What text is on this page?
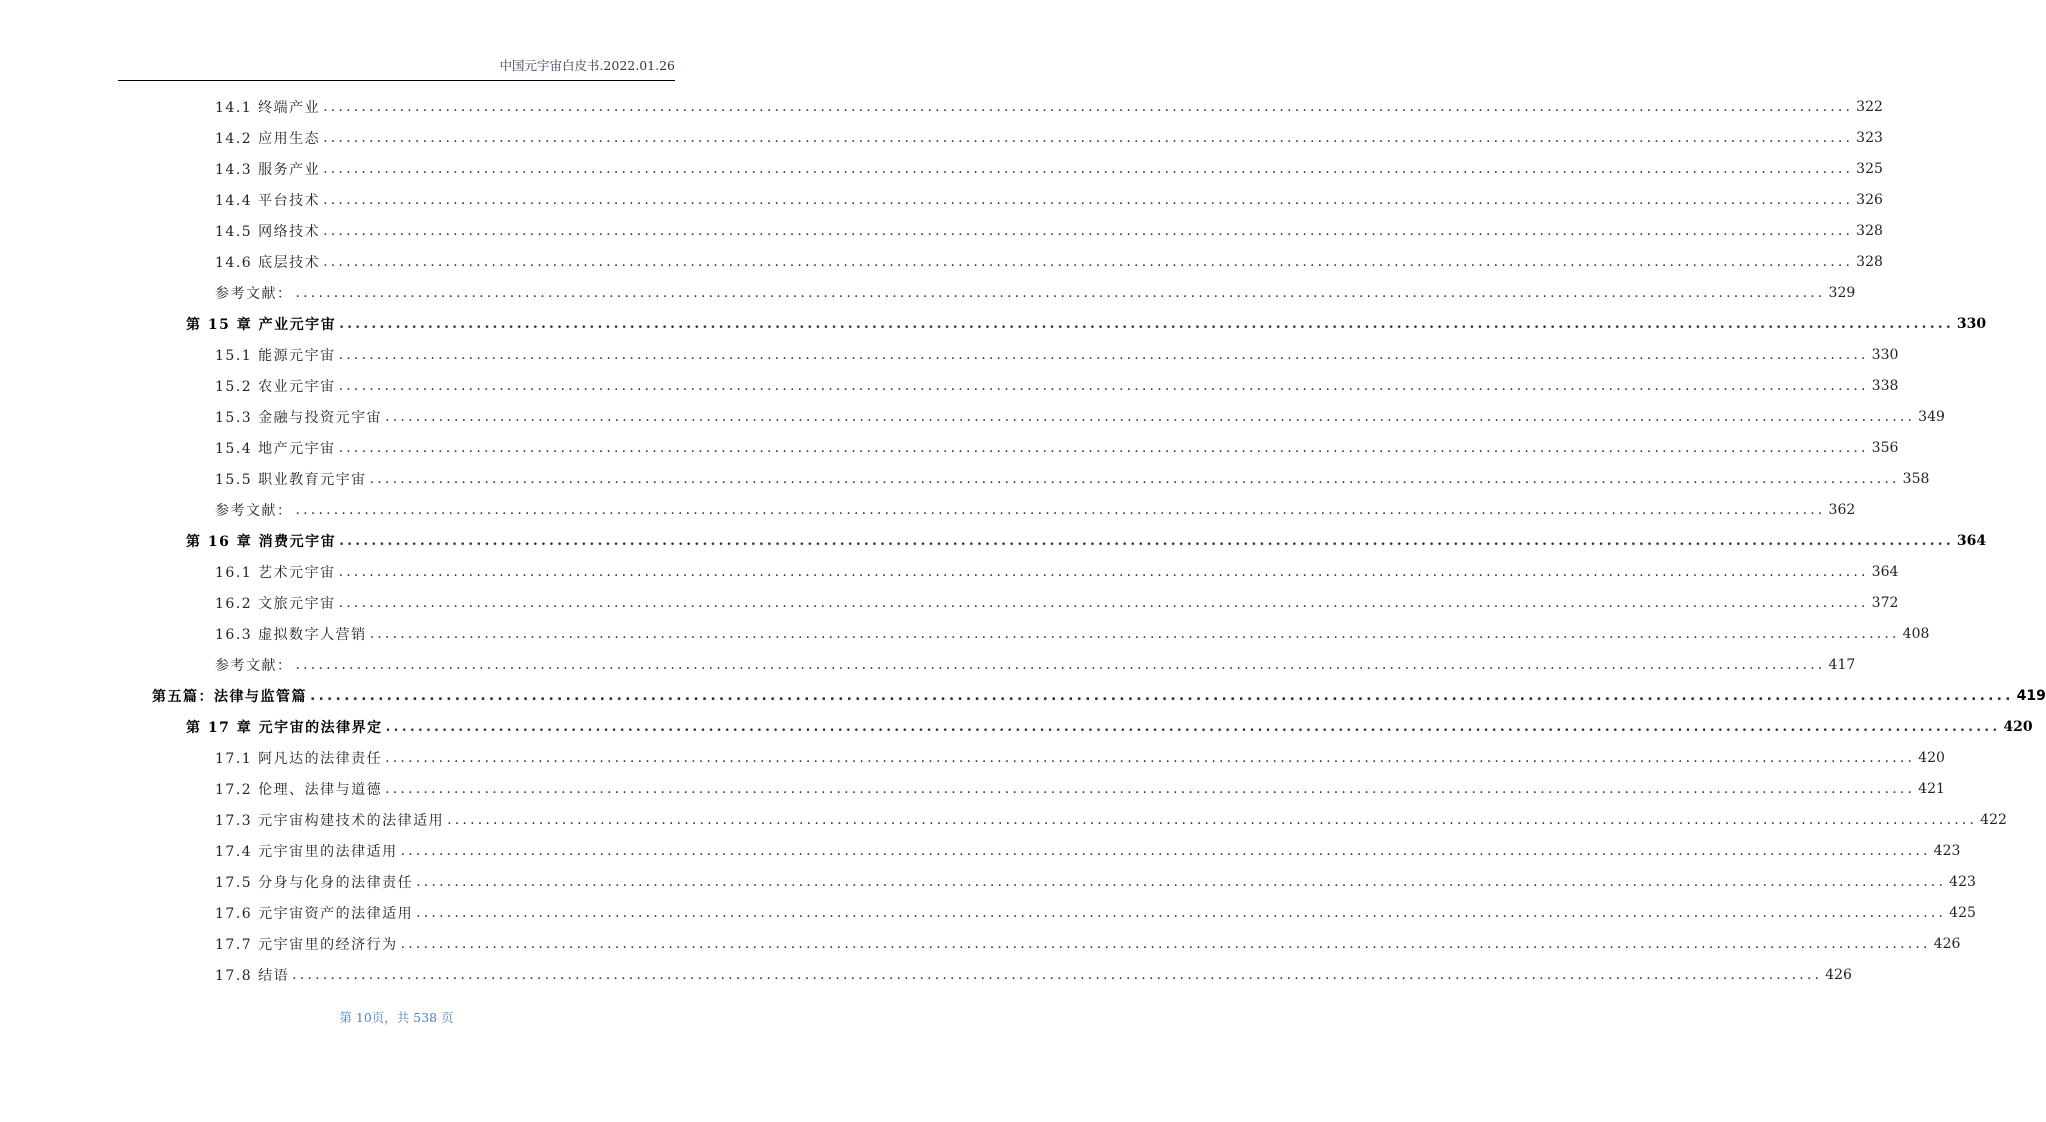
中国元宇宙白皮书.2022.01.26
14.1 终端产业 ........................................................................................................................................................................................................ 322
14.2 应用生态 ........................................................................................................................................................................................................ 323
14.3 服务产业 ........................................................................................................................................................................................................ 325
14.4 平台技术 ........................................................................................................................................................................................................ 326
14.5 网络技术 ........................................................................................................................................................................................................ 328
14.6 底层技术 ........................................................................................................................................................................................................ 328
参考文献： ........................................................................................................................................................................................................ 329
第 15 章 产业元宇宙 ........................................................................................................................................................................................................ 330
15.1 能源元宇宙 ........................................................................................................................................................................................................ 330
15.2 农业元宇宙 ........................................................................................................................................................................................................ 338
15.3 金融与投资元宇宙 ........................................................................................................................................................................................................ 349
15.4 地产元宇宙 ........................................................................................................................................................................................................ 356
15.5 职业教育元宇宙 ........................................................................................................................................................................................................ 358
参考文献： ........................................................................................................................................................................................................ 362
第 16 章 消费元宇宙 ........................................................................................................................................................................................................ 364
16.1 艺术元宇宙 ........................................................................................................................................................................................................ 364
16.2 文旅元宇宙 ........................................................................................................................................................................................................ 372
16.3 虚拟数字人营销 ........................................................................................................................................................................................................ 408
参考文献： ........................................................................................................................................................................................................ 417
第五篇：法律与监管篇 ........................................................................................................................................................................................................ 419
第 17 章 元宇宙的法律界定 ........................................................................................................................................................................................................ 420
17.1 阿凡达的法律责任 ........................................................................................................................................................................................................ 420
17.2 伦理、法律与道德 ........................................................................................................................................................................................................ 421
17.3 元宇宙构建技术的法律适用 ........................................................................................................................................................................................................ 422
17.4 元宇宙里的法律适用 ........................................................................................................................................................................................................ 423
17.5 分身与化身的法律责任 ........................................................................................................................................................................................................ 423
17.6 元宇宙资产的法律适用 ........................................................................................................................................................................................................ 425
17.7 元宇宙里的经济行为 ........................................................................................................................................................................................................ 426
17.8 结语 ........................................................................................................................................................................................................ 426
第 10页，共 538 页
